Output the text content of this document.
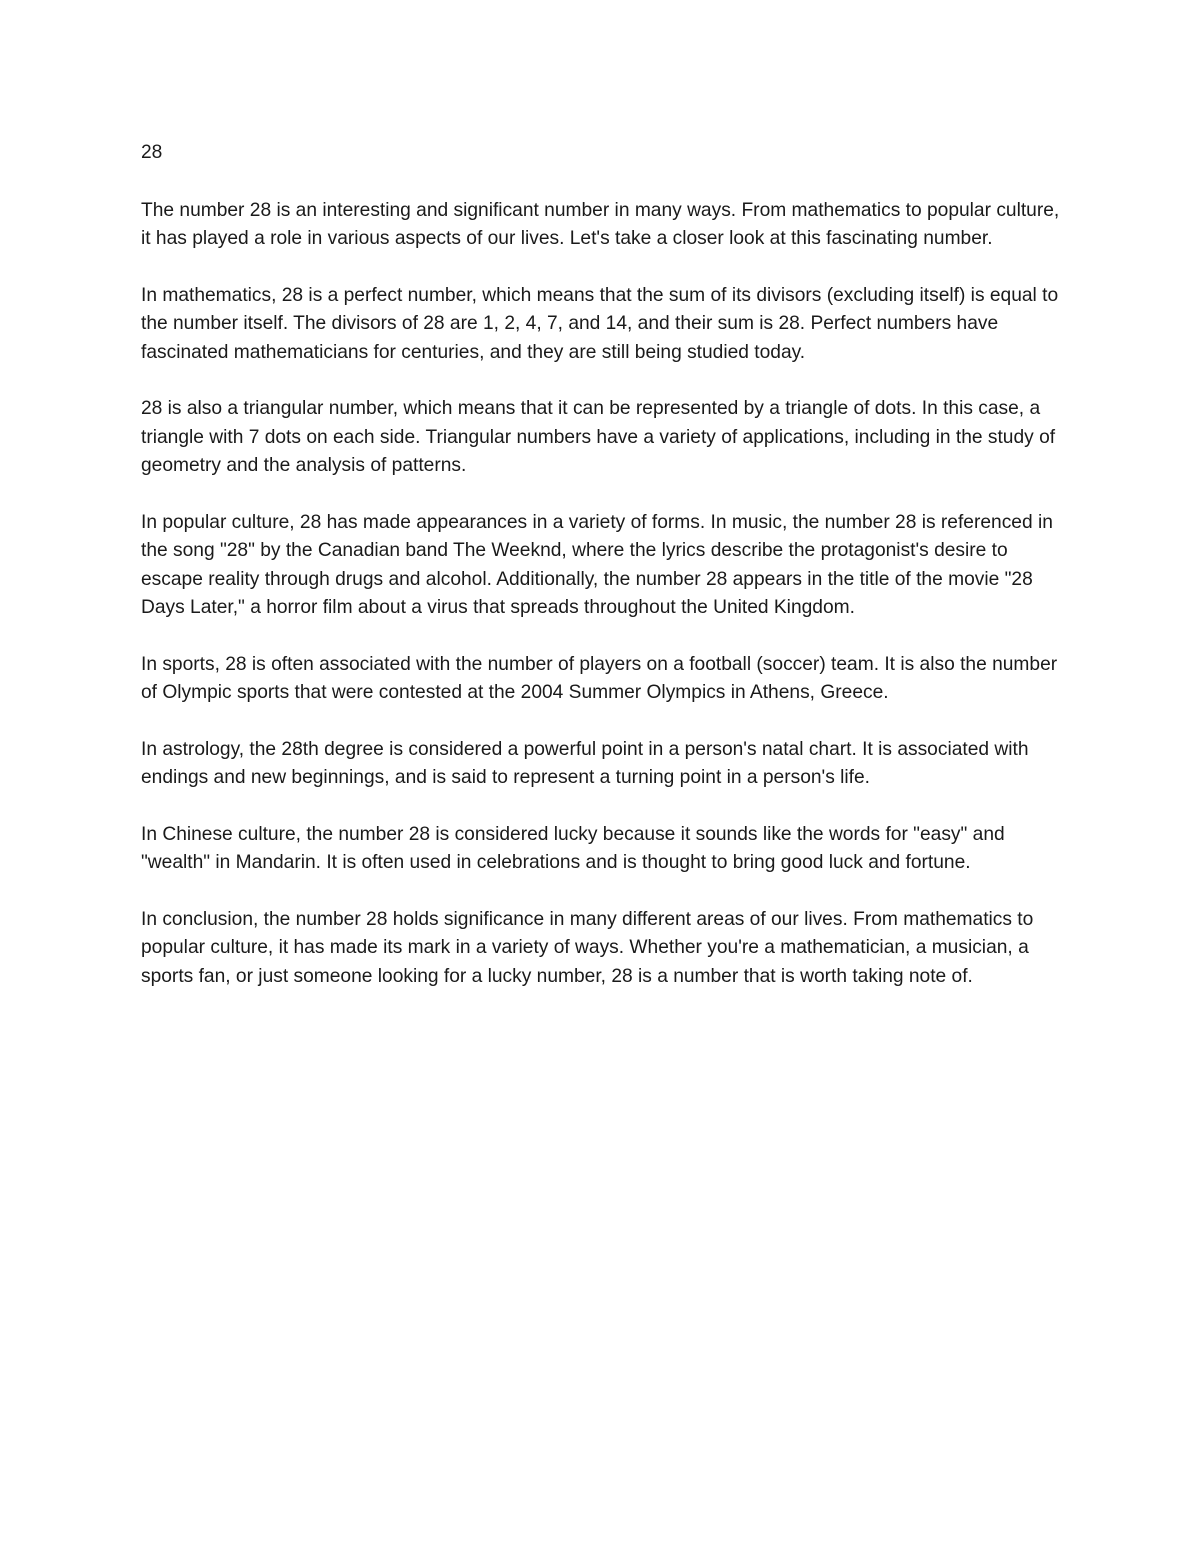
28

The number 28 is an interesting and significant number in many ways. From mathematics to popular culture, it has played a role in various aspects of our lives. Let's take a closer look at this fascinating number.

In mathematics, 28 is a perfect number, which means that the sum of its divisors (excluding itself) is equal to the number itself. The divisors of 28 are 1, 2, 4, 7, and 14, and their sum is 28. Perfect numbers have fascinated mathematicians for centuries, and they are still being studied today.

28 is also a triangular number, which means that it can be represented by a triangle of dots. In this case, a triangle with 7 dots on each side. Triangular numbers have a variety of applications, including in the study of geometry and the analysis of patterns.

In popular culture, 28 has made appearances in a variety of forms. In music, the number 28 is referenced in the song "28" by the Canadian band The Weeknd, where the lyrics describe the protagonist's desire to escape reality through drugs and alcohol. Additionally, the number 28 appears in the title of the movie "28 Days Later," a horror film about a virus that spreads throughout the United Kingdom.

In sports, 28 is often associated with the number of players on a football (soccer) team. It is also the number of Olympic sports that were contested at the 2004 Summer Olympics in Athens, Greece.

In astrology, the 28th degree is considered a powerful point in a person's natal chart. It is associated with endings and new beginnings, and is said to represent a turning point in a person's life.

In Chinese culture, the number 28 is considered lucky because it sounds like the words for "easy" and "wealth" in Mandarin. It is often used in celebrations and is thought to bring good luck and fortune.

In conclusion, the number 28 holds significance in many different areas of our lives. From mathematics to popular culture, it has made its mark in a variety of ways. Whether you're a mathematician, a musician, a sports fan, or just someone looking for a lucky number, 28 is a number that is worth taking note of.
